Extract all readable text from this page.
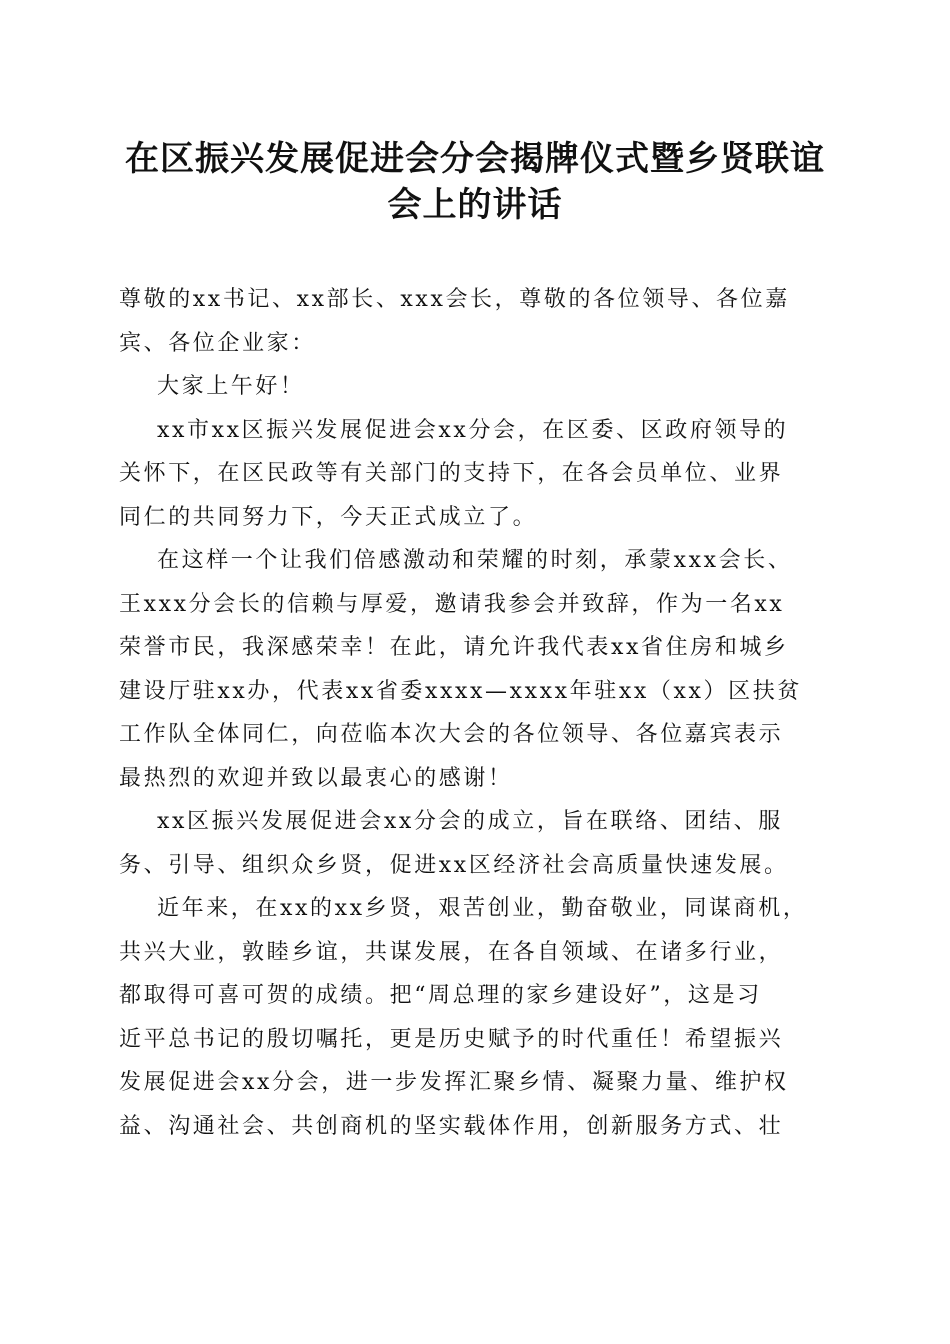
在区振兴发展促进会分会揭牌仪式暨乡贤联谊
会上的讲话

尊敬的xx书记、xx部长、xxx会长，尊敬的各位领导、各位嘉

宾、各位企业家：

大家上午好！

xx市xx区振兴发展促进会xx分会，在区委、区政府领导的

关怀下，在区民政等有关部门的支持下，在各会员单位、业界

同仁的共同努力下，今天正式成立了。

在这样一个让我们倍感激动和荣耀的时刻，承蒙xxx会长、

王xxx分会长的信赖与厚爱，邀请我参会并致辞，作为一名xx

荣誉市民，我深感荣幸！在此，请允许我代表xx省住房和城乡

建设厅驻xx办，代表xx省委xxxx—xxxx年驻xx（xx）区扶贫

工作队全体同仁，向莅临本次大会的各位领导、各位嘉宾表示

最热烈的欢迎并致以最衷心的感谢！

xx区振兴发展促进会xx分会的成立，旨在联络、团结、服

务、引导、组织众乡贤，促进xx区经济社会高质量快速发展。

近年来，在xx的xx乡贤，艰苦创业，勤奋敬业，同谋商机，

共兴大业，敦睦乡谊，共谋发展，在各自领域、在诸多行业，

都取得可喜可贺的成绩。把“周总理的家乡建设好”，这是习

近平总书记的殷切嘱托，更是历史赋予的时代重任！希望振兴

发展促进会xx分会，进一步发挥汇聚乡情、凝聚力量、维护权

益、沟通社会、共创商机的坚实载体作用，创新服务方式、壮
